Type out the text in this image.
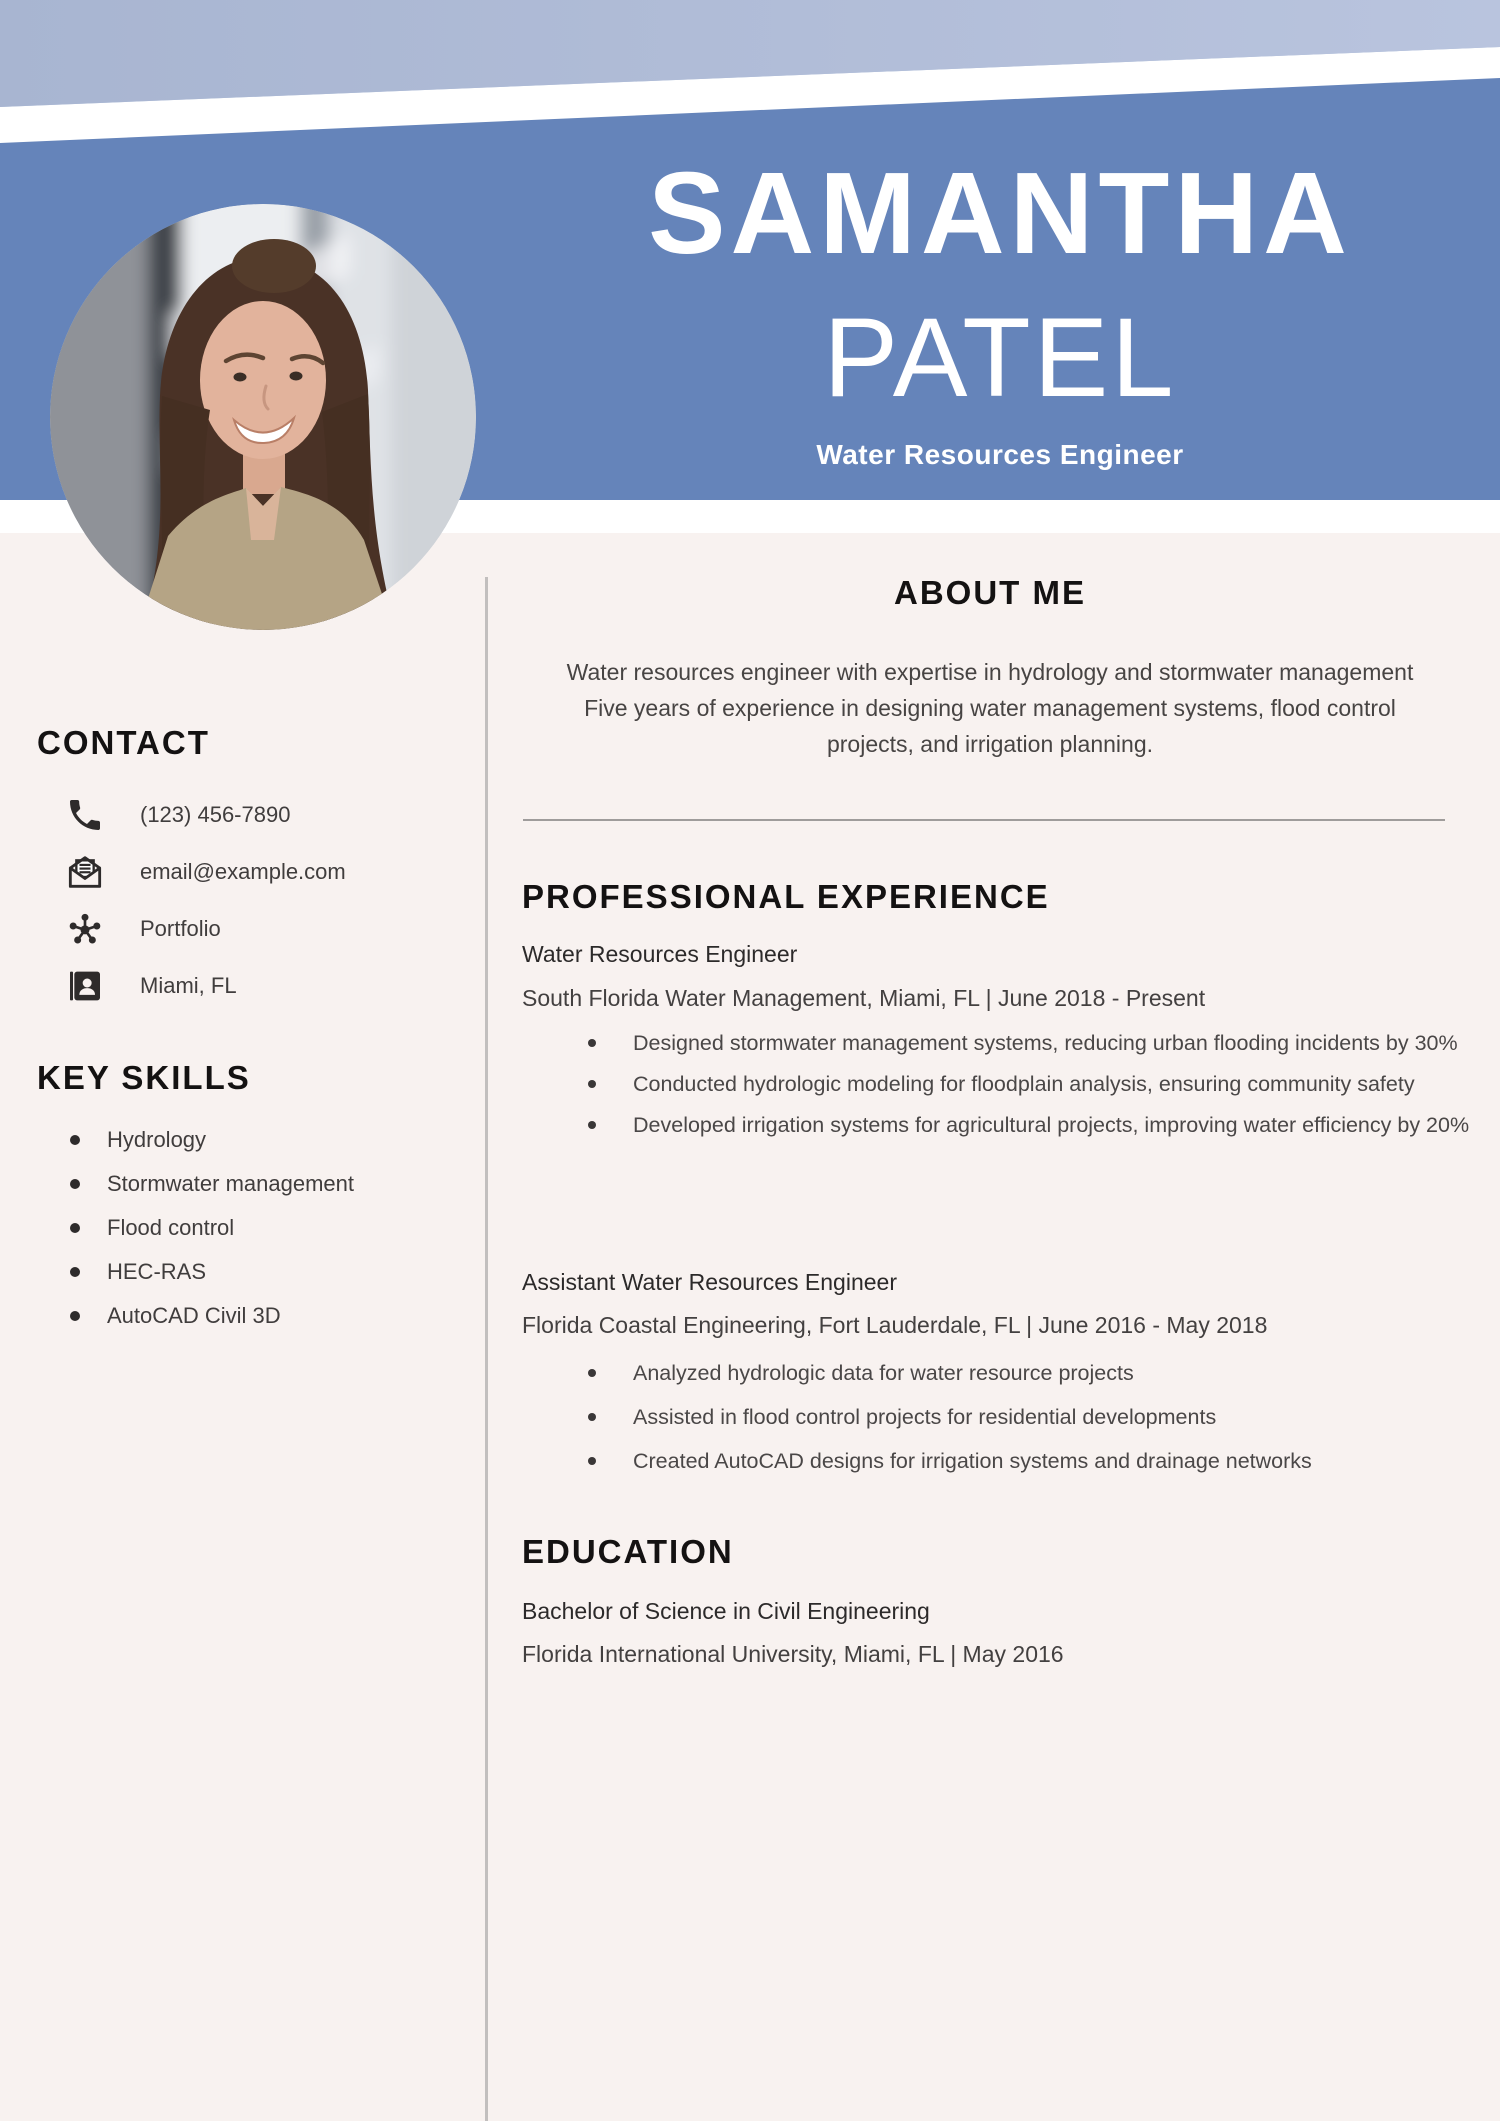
SAMANTHA
PATEL
Water Resources Engineer
CONTACT
(123) 456-7890
email@example.com
Portfolio
Miami, FL
KEY SKILLS
Hydrology
Stormwater management
Flood control
HEC-RAS
AutoCAD Civil 3D
ABOUT ME

Water resources engineer with expertise in hydrology and stormwater management

Five years of experience in designing water management systems, flood control projects, and irrigation planning.

PROFESSIONAL EXPERIENCE
Water Resources Engineer
South Florida Water Management, Miami, FL | June 2018 - Present
Designed stormwater management systems, reducing urban flooding incidents by 30%
Conducted hydrologic modeling for floodplain analysis, ensuring community safety
Developed irrigation systems for agricultural projects, improving water efficiency by 20%
Assistant Water Resources Engineer
Florida Coastal Engineering, Fort Lauderdale, FL | June 2016 - May 2018
Analyzed hydrologic data for water resource projects
Assisted in flood control projects for residential developments
Created AutoCAD designs for irrigation systems and drainage networks
EDUCATION
Bachelor of Science in Civil Engineering
Florida International University, Miami, FL | May 2016
